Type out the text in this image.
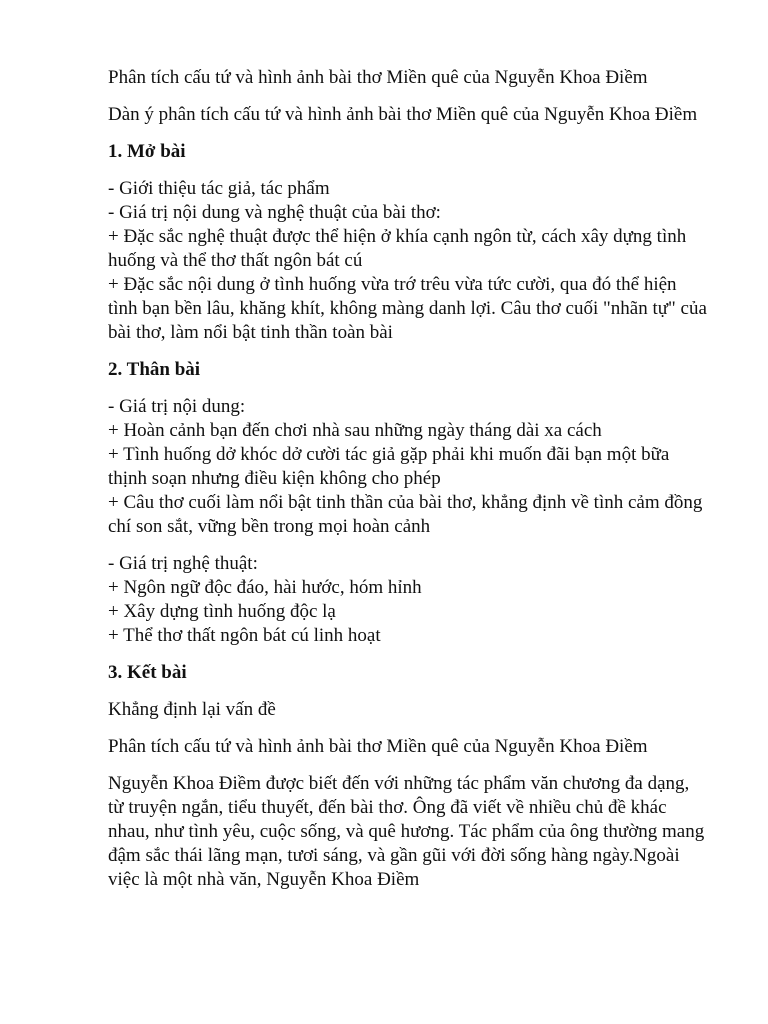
Phân tích cấu tứ và hình ảnh bài thơ Miền quê của Nguyễn Khoa Điềm

Dàn ý phân tích cấu tứ và hình ảnh bài thơ Miền quê của Nguyễn Khoa Điềm

1. Mở bài

- Giới thiệu tác giả, tác phẩm
- Giá trị nội dung và nghệ thuật của bài thơ:
+ Đặc sắc nghệ thuật được thể hiện ở khía cạnh ngôn từ, cách xây dựng tình huống và thể thơ thất ngôn bát cú
+ Đặc sắc nội dung ở tình huống vừa trớ trêu vừa tức cười, qua đó thể hiện tình bạn bền lâu, khăng khít, không màng danh lợi. Câu thơ cuối "nhãn tự" của bài thơ, làm nổi bật tinh thần toàn bài

2. Thân bài

- Giá trị nội dung:
+ Hoàn cảnh bạn đến chơi nhà sau những ngày tháng dài xa cách
+ Tình huống dở khóc dở cười tác giả gặp phải khi muốn đãi bạn một bữa thịnh soạn nhưng điều kiện không cho phép
+ Câu thơ cuối làm nổi bật tinh thần của bài thơ, khẳng định về tình cảm đồng chí son sắt, vững bền trong mọi hoàn cảnh

- Giá trị nghệ thuật:
+ Ngôn ngữ độc đáo, hài hước, hóm hỉnh
+ Xây dựng tình huống độc lạ
+ Thể thơ thất ngôn bát cú linh hoạt

3. Kết bài

Khẳng định lại vấn đề

Phân tích cấu tứ và hình ảnh bài thơ Miền quê của Nguyễn Khoa Điềm

Nguyễn Khoa Điềm được biết đến với những tác phẩm văn chương đa dạng, từ truyện ngắn, tiểu thuyết, đến bài thơ. Ông đã viết về nhiều chủ đề khác nhau, như tình yêu, cuộc sống, và quê hương. Tác phẩm của ông thường mang đậm sắc thái lãng mạn, tươi sáng, và gần gũi với đời sống hàng ngày.Ngoài việc là một nhà văn, Nguyễn Khoa Điềm
